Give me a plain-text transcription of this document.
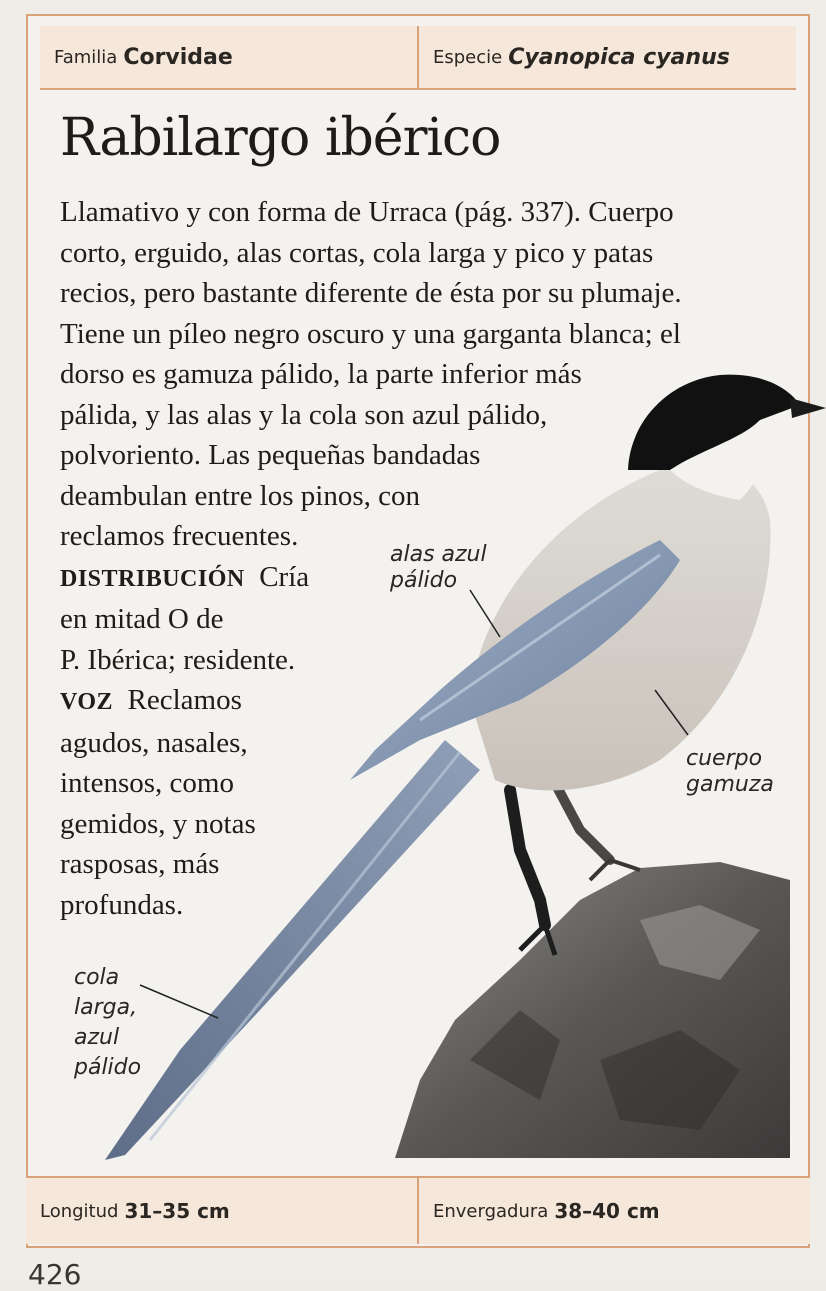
Familia Corvidae	Especie Cyanopica cyanus
Rabilargo ibérico
Llamativo y con forma de Urraca (pág. 337). Cuerpo
corto, erguido, alas cortas, cola larga y pico y patas
recios, pero bastante diferente de ésta por su plumaje.
Tiene un píleo negro oscuro y una garganta blanca; el
dorso es gamuza pálido, la parte inferior más
pálida, y las alas y la cola son azul pálido,
polvoriento. Las pequeñas bandadas
deambulan entre los pinos, con
reclamos frecuentes.
DISTRIBUCIÓN Cría
en mitad O de
P. Ibérica; residente.
VOZ Reclamos
agudos, nasales,
intensos, como
gemidos, y notas
rasposas, más
profundas.
alas azul
pálido
cuerpo
gamuza
cola
larga,
azul
pálido
Longitud 31–35 cm	Envergadura 38–40 cm
426
